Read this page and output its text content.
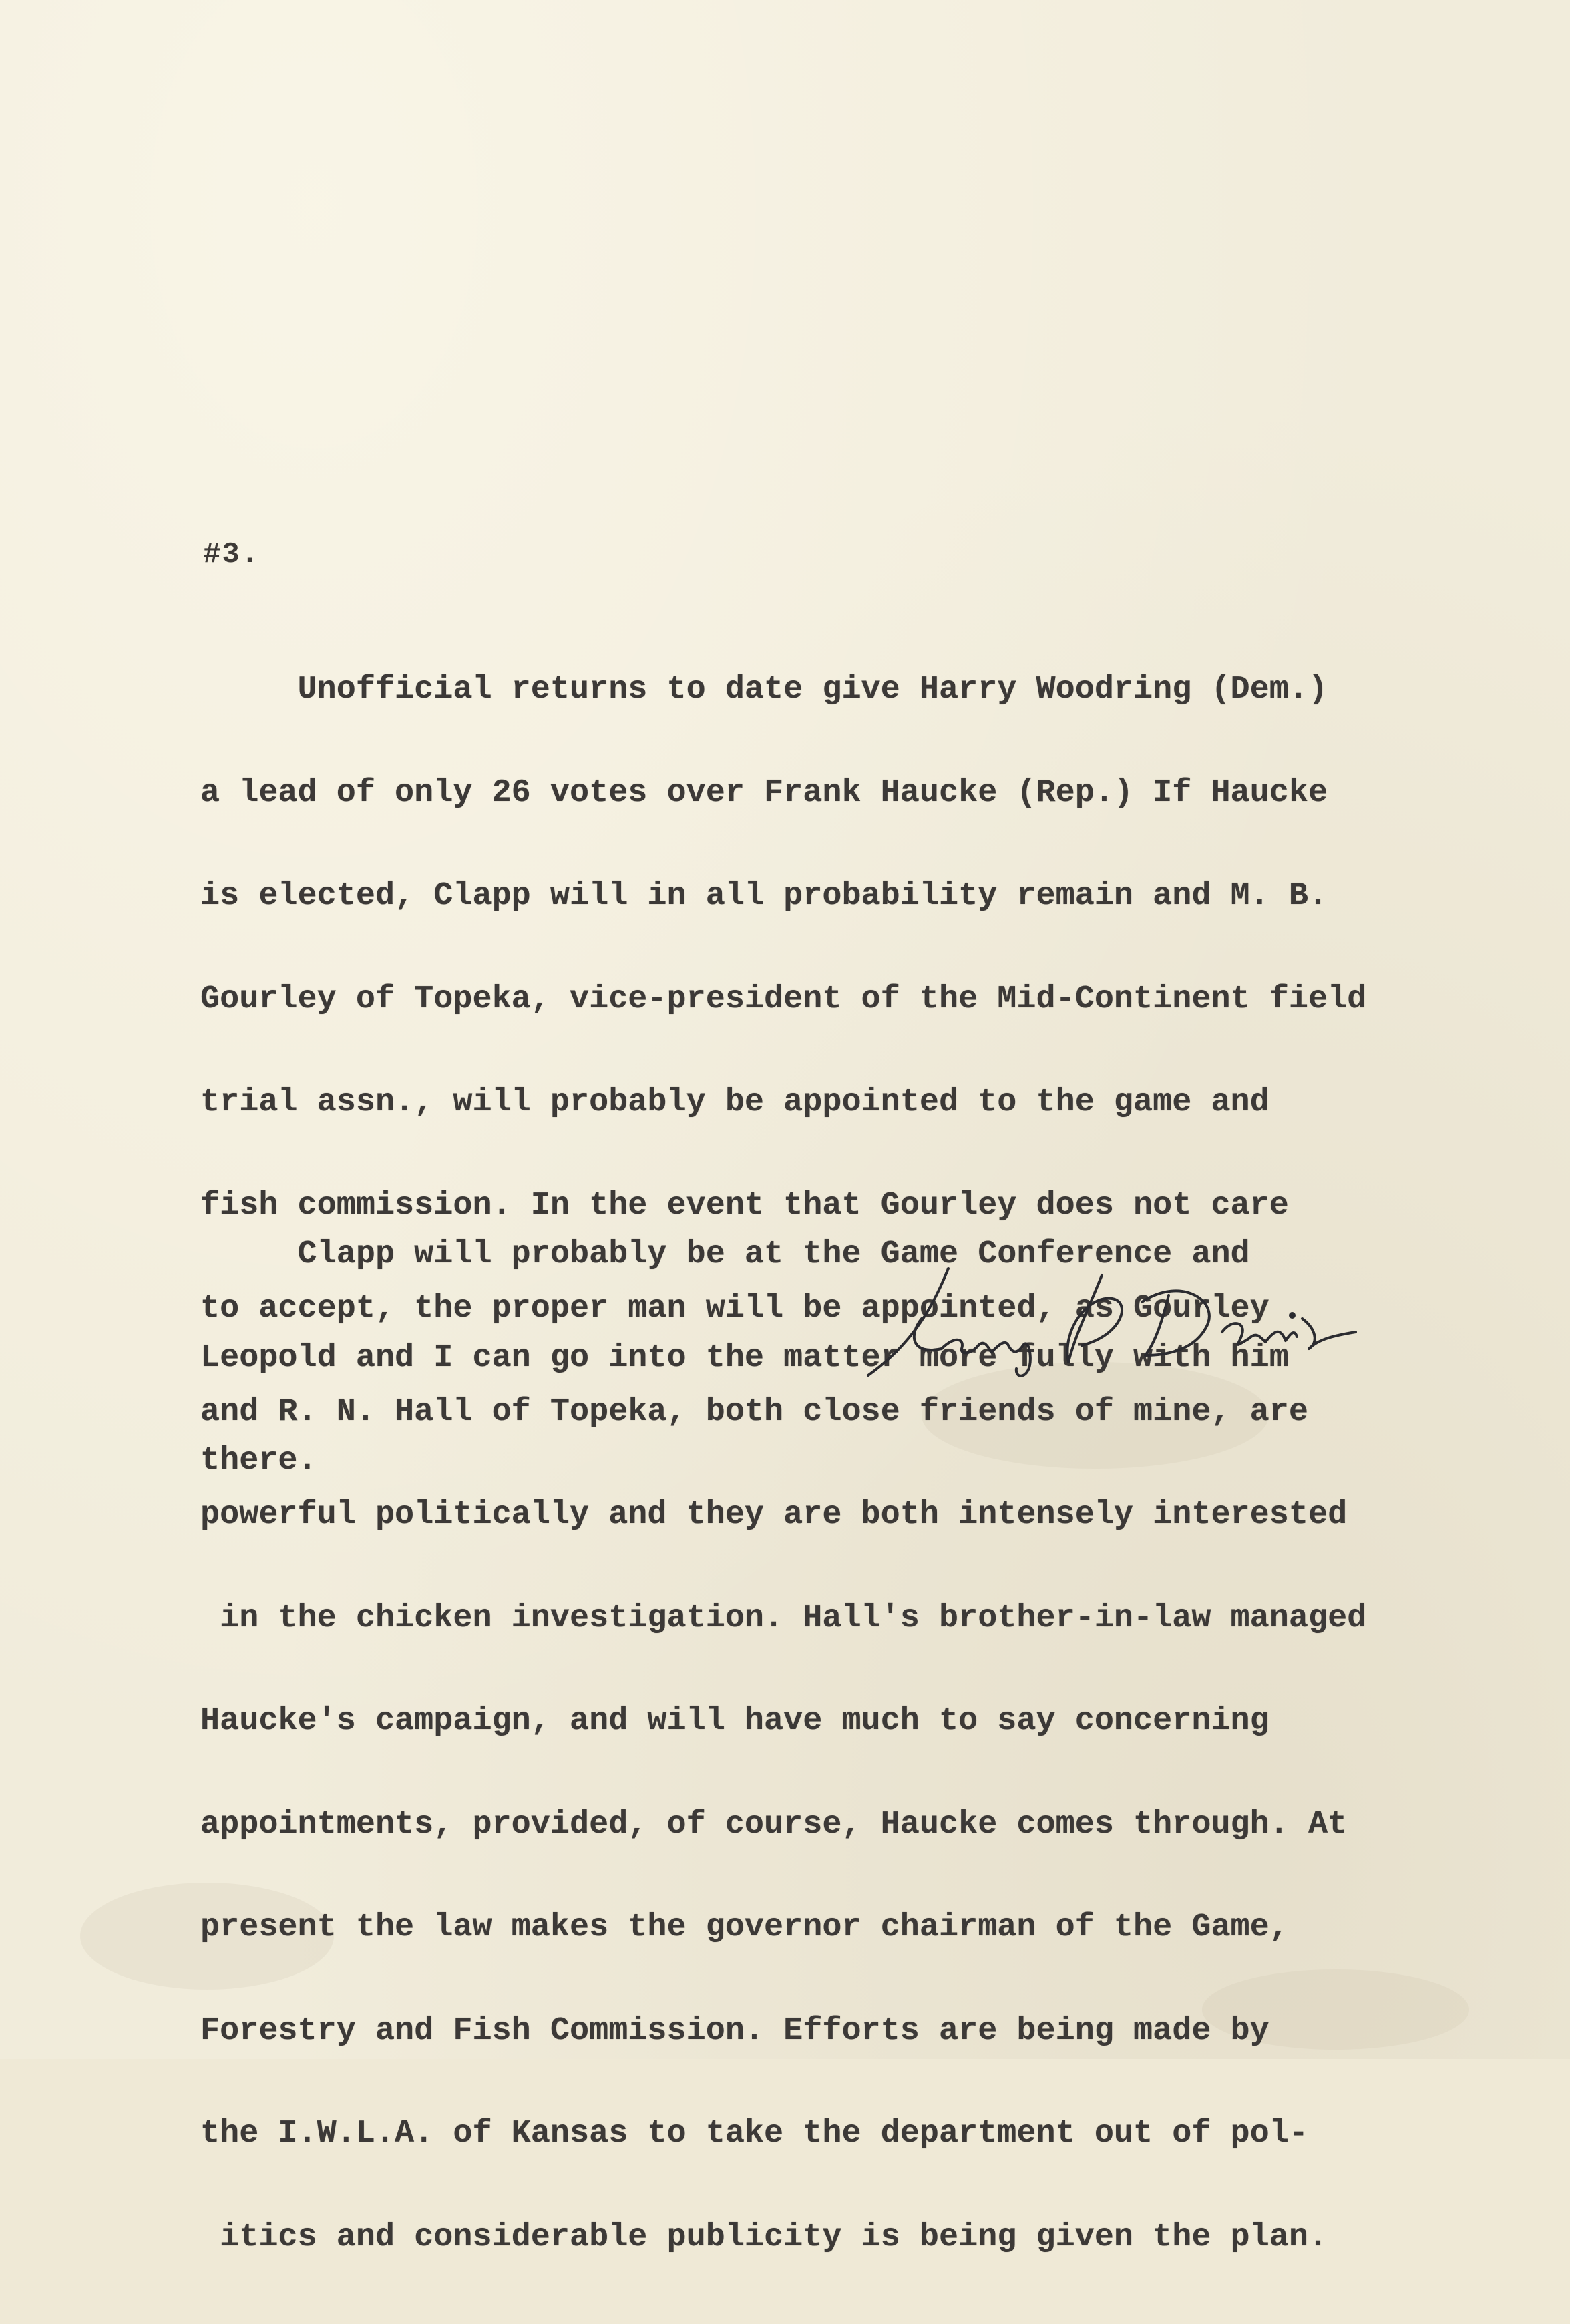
#3.

Unofficial returns to date give Harry Woodring (Dem.)

a lead of only 26 votes over Frank Haucke (Rep.) If Haucke

is elected, Clapp will in all probability remain and M. B.

Gourley of Topeka, vice-president of the Mid-Continent field

trial assn., will probably be appointed to the game and

fish commission. In the event that Gourley does not care

to accept, the proper man will be appointed, as Gourley

and R. N. Hall of Topeka, both close friends of mine, are

powerful politically and they are both intensely interested

in the chicken investigation. Hall's brother-in-law managed

Haucke's campaign, and will have much to say concerning

appointments, provided, of course, Haucke comes through. At

present the law makes the governor chairman of the Game,

Forestry and Fish Commission. Efforts are being made by

the I.W.L.A. of Kansas to take the department out of pol-

itics and considerable publicity is being given the plan.

Clapp will probably be at the Game Conference and

Leopold and I can go into the matter more fully with him

there.
